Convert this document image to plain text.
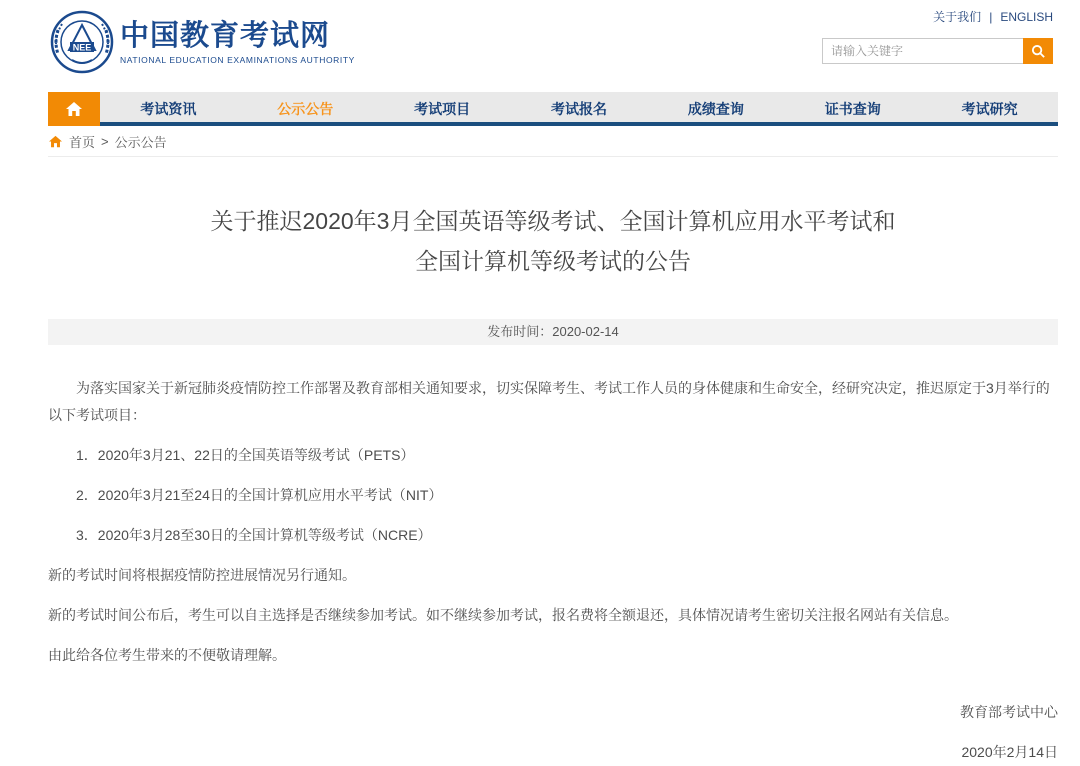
NEE 中国教育考试网
NATIONAL EDUCATION EXAMINATIONS AUTHORITY
关于我们 | ENGLISH
请输入关键字
考试资讯	公示公告	考试项目	考试报名	成绩查询	证书查询	考试研究
首页 > 公示公告
关于推迟2020年3月全国英语等级考试、全国计算机应用水平考试和
全国计算机等级考试的公告
发布时间：2020-02-14

为落实国家关于新冠肺炎疫情防控工作部署及教育部相关通知要求，切实保障考生、考试工作人员的身体健康和生命安全，经研究决定，推迟原定于3月举行的以下考试项目：

1．2020年3月21、22日的全国英语等级考试（PETS）
2．2020年3月21至24日的全国计算机应用水平考试（NIT）
3．2020年3月28至30日的全国计算机等级考试（NCRE）

新的考试时间将根据疫情防控进展情况另行通知。

新的考试时间公布后，考生可以自主选择是否继续参加考试。如不继续参加考试，报名费将全额退还，具体情况请考生密切关注报名网站有关信息。

由此给各位考生带来的不便敬请理解。

教育部考试中心
2020年2月14日
